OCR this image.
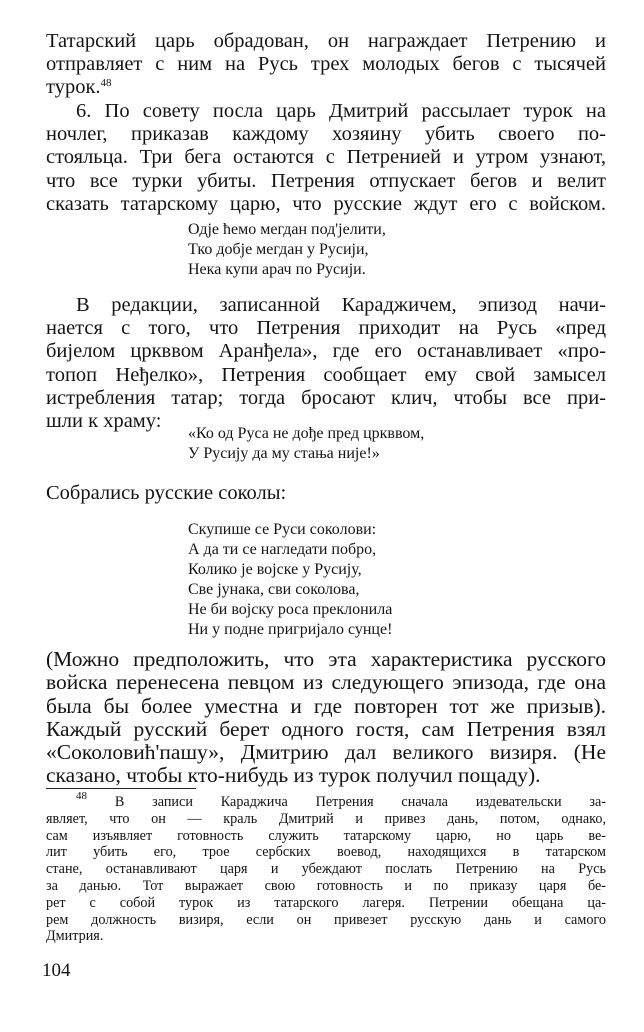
Татарский царь обрадован, он награждает Петрению и
отправляет с ним на Русь трех молодых бегов с тысячей
турок.$^{48}$
6. По совету посла царь Дмитрий рассылает турок на
ночлег, приказав каждому хозяину убить своего по-
стояльца. Три бега остаются с Петренией и утром узнают,
что все турки убиты. Петрения отпускает бегов и велит
сказать татарскому царю, что русские ждут его с войском.
Одје ћемо мегдан под'јелити,
Тко добје мегдан у Русији,
Нека купи арач по Русији.
В редакции, записанной Караджичем, эпизод начи-
нается с того, что Петрения приходит на Русь «пред
бијелом цркввом Аранђела», где его останавливает «про-
топоп Неђелко», Петрения сообщает ему свой замысел
истребления татар; тогда бросают клич, чтобы все при-
шли к храму:
«Ко од Руса не дође пред цркввом,
У Русију да му стања није!»
Собрались русские соколы:
Скупише се Руси соколови:
А да ти се нагледати побро,
Колико је војске у Русију,
Све јунака, сви соколова,
Не би војску роса преклонила
Ни у подне пригријало сунце!
(Можно предположить, что эта характеристика русского
войска перенесена певцом из следующего эпизода, где она
была бы более уместна и где повторен тот же призыв).
Каждый русский берет одного гостя, сам Петрения взял
«Соколовић'пашу», Дмитрию дал великого визиря. (Не
сказано, чтобы кто-нибудь из турок получил пощаду).
$^{48}$ В записи Караджича Петрения сначала издевательски за-
являет, что он — краль Дмитрий и привез дань, потом, однако,
сам изъявляет готовность служить татарскому царю, но царь ве-
лит убить его, трое сербских воевод, находящихся в татарском
стане, останавливают царя и убеждают послать Петрению на Русь
за данью. Тот выражает свою готовность и по приказу царя бе-
рет с собой турок из татарского лагеря. Петрении обещана ца-
рем должность визиря, если он привезет русскую дань и самого
Дмитрия.
104
